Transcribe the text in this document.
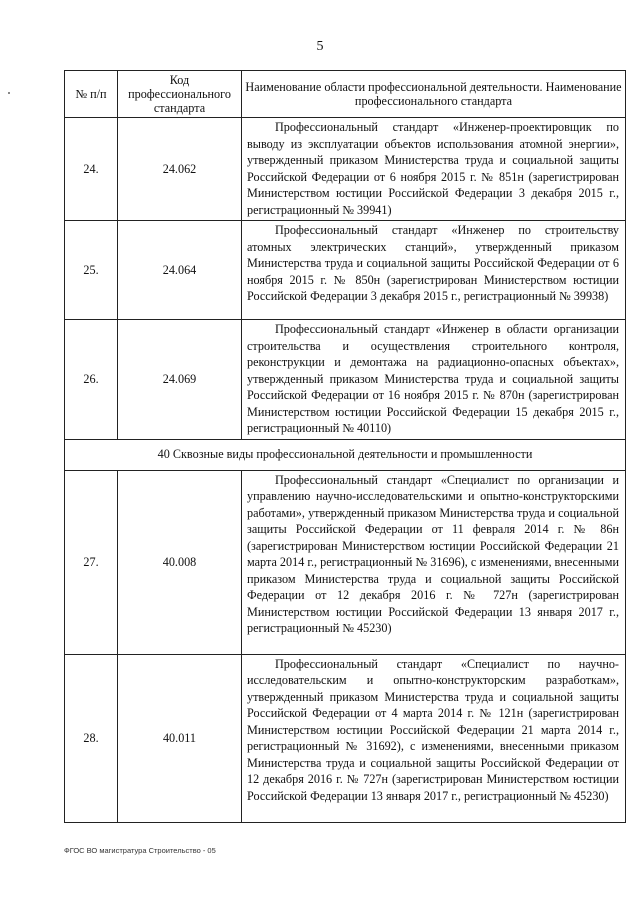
5
№ п/п	Код профессионального стандарта	Наименование области профессиональной деятельности. Наименование профессионального стандарта
24.	24.062	Профессиональный стандарт «Инженер-проектировщик по выводу из эксплуатации объектов использования атомной энергии», утвержденный приказом Министерства труда и социальной защиты Российской Федерации от 6 ноября 2015 г. № 851н (зарегистрирован Министерством юстиции Российской Федерации 3 декабря 2015 г., регистрационный № 39941)

25.	24.064	Профессиональный стандарт «Инженер по строительству атомных электрических станций», утвержденный приказом Министерства труда и социальной защиты Российской Федерации от 6 ноября 2015 г. № 850н (зарегистрирован Министерством юстиции Российской Федерации 3 декабря 2015 г., регистрационный № 39938)

26.	24.069	Профессиональный стандарт «Инженер в области организации строительства и осуществления строительного контроля, реконструкции и демонтажа на радиационно-опасных объектах», утвержденный приказом Министерства труда и социальной защиты Российской Федерации от 16 ноября 2015 г. № 870н (зарегистрирован Министерством юстиции Российской Федерации 15 декабря 2015 г., регистрационный № 40110)

40 Сквозные виды профессиональной деятельности и промышленности		
27.	40.008	Профессиональный стандарт «Специалист по организации и управлению научно-исследовательскими и опытно-конструкторскими работами», утвержденный приказом Министерства труда и социальной защиты Российской Федерации от 11 февраля 2014 г. № 86н (зарегистрирован Министерством юстиции Российской Федерации 21 марта 2014 г., регистрационный № 31696), с изменениями, внесенными приказом Министерства труда и социальной защиты Российской Федерации от 12 декабря 2016 г. № 727н (зарегистрирован Министерством юстиции Российской Федерации 13 января 2017 г., регистрационный № 45230)

28.	40.011	Профессиональный стандарт «Специалист по научно-исследовательским и опытно-конструкторским разработкам», утвержденный приказом Министерства труда и социальной защиты Российской Федерации от 4 марта 2014 г. № 121н (зарегистрирован Министерством юстиции Российской Федерации 21 марта 2014 г., регистрационный № 31692), с изменениями, внесенными приказом Министерства труда и социальной защиты Российской Федерации от 12 декабря 2016 г. № 727н (зарегистрирован Министерством юстиции Российской Федерации 13 января 2017 г., регистрационный № 45230)
ФГОС ВО магистратура Строительство - 05
